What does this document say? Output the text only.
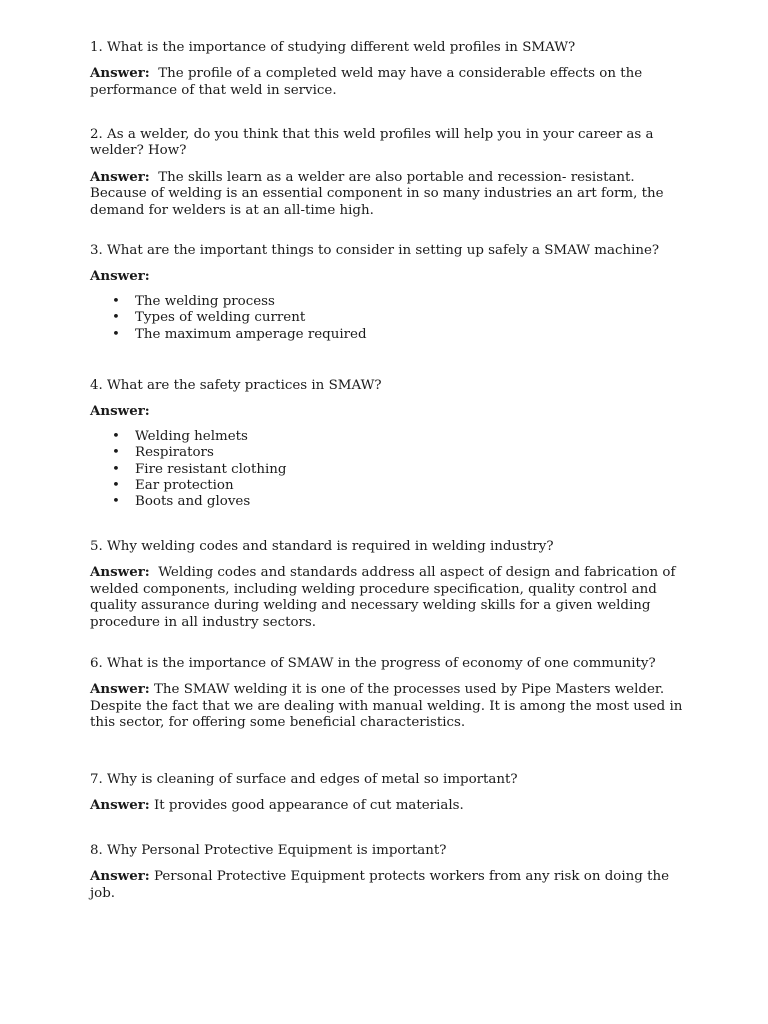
1. What is the importance of studying different weld profiles in SMAW?

Answer:  The profile of a completed weld may have a considerable effects on the performance of that weld in service.

2. As a welder, do you think that this weld profiles will help you in your career as a welder? How?

Answer:  The skills learn as a welder are also portable and recession- resistant. Because of welding is an essential component in so many industries an art form, the demand for welders is at an all-time high.

3. What are the important things to consider in setting up safely a SMAW machine?

Answer:

• The welding process
• Types of welding current
• The maximum amperage required

4. What are the safety practices in SMAW?

Answer:

• Welding helmets
• Respirators
• Fire resistant clothing
• Ear protection
• Boots and gloves

5. Why welding codes and standard is required in welding industry?

Answer:  Welding codes and standards address all aspect of design and fabrication of welded components, including welding procedure specification, quality control and quality assurance during welding and necessary welding skills for a given welding procedure in all industry sectors.

6. What is the importance of SMAW in the progress of economy of one community?

Answer: The SMAW welding it is one of the processes used by Pipe Masters welder. Despite the fact that we are dealing with manual welding. It is among the most used in this sector, for offering some beneficial characteristics.

7. Why is cleaning of surface and edges of metal so important?

Answer: It provides good appearance of cut materials.

8. Why Personal Protective Equipment is important?

Answer: Personal Protective Equipment protects workers from any risk on doing the job.
